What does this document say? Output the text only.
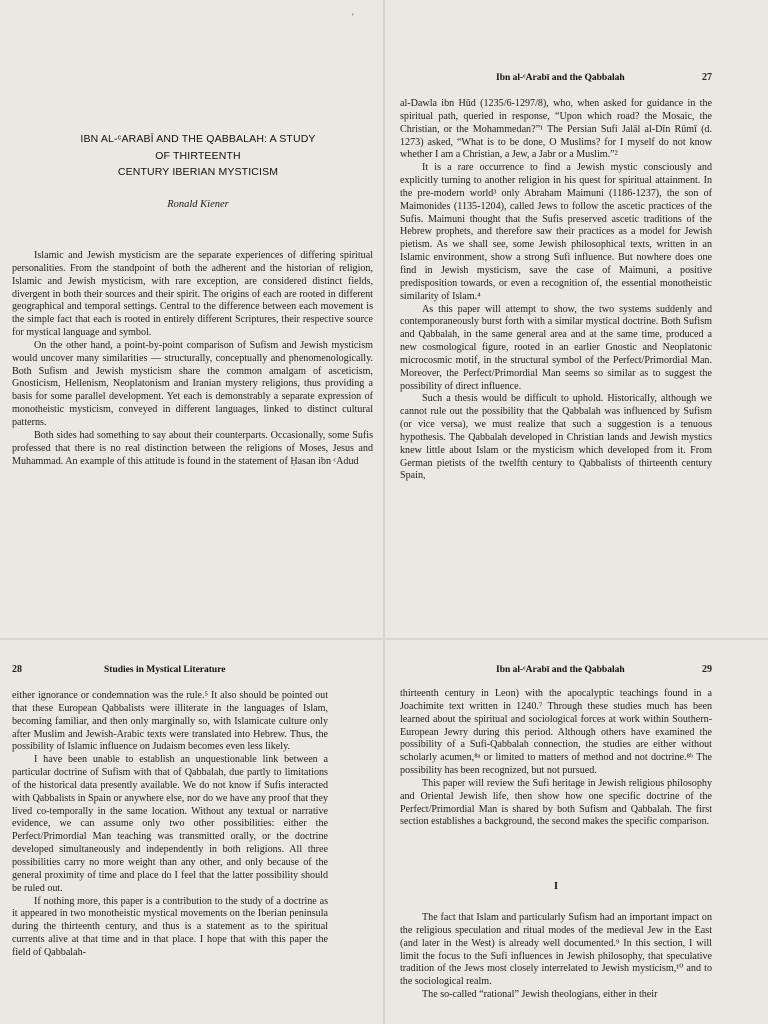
IBN AL-ᶜARABĪ AND THE QABBALAH: A STUDY
OF THIRTEENTH
CENTURY IBERIAN MYSTICISM
Ronald Kiener

Islamic and Jewish mysticism are the separate experiences of differing spiritual personalities. From the standpoint of both the adherent and the historian of religion, Islamic and Jewish mysticism, with rare exception, are considered distinct fields, divergent in both their sources and their spirit. The origins of each are rooted in different geographical and temporal settings. Central to the difference between each movement is the simple fact that each is rooted in entirely different Scriptures, their respective source for mystical language and symbol.

On the other hand, a point-by-point comparison of Sufism and Jewish mysticism would uncover many similarities — structurally, conceptually and phenomenologically. Both Sufism and Jewish mysticism share the common amalgam of asceticism, Gnosticism, Hellenism, Neoplatonism and Iranian mystery religions, thus providing a basis for some parallel development. Yet each is demonstrably a separate expression of monotheistic mysticism, conveyed in different languages, linked to distinct cultural patterns.

Both sides had something to say about their counterparts. Occasionally, some Sufis professed that there is no real distinction between the religions of Moses, Jesus and Muhammad. An example of this attitude is found in the statement of Ḥasan ibn ᶜAdud

'
Ibn al-ᶜArabī and the Qabbalah	27

al-Dawla ibn Hūd (1235/6-1297/8), who, when asked for guidance in the spiritual path, queried in response, “Upon which road? the Mosaic, the Christian, or the Mohammedan?”¹ The Persian Sufi Jalāl al-Dīn Rūmī (d. 1273) asked, “What is to be done, O Muslims? for I myself do not know whether I am a Christian, a Jew, a Jabr or a Muslim.”²

It is a rare occurrence to find a Jewish mystic consciously and explicitly turning to another religion in his quest for spiritual attainment. In the pre-modern world³ only Abraham Maimuni (1186-1237), the son of Maimonides (1135-1204), called Jews to follow the ascetic practices of the Sufis. Maimuni thought that the Sufis preserved ascetic traditions of the Hebrew prophets, and therefore saw their practices as a model for Jewish pietism. As we shall see, some Jewish philosophical texts, written in an Islamic environment, show a strong Sufi influence. But nowhere does one find in Jewish mysticism, save the case of Maimuni, a positive predisposition towards, or even a recognition of, the essential monotheistic similarity of Islam.⁴

As this paper will attempt to show, the two systems suddenly and contemporaneously burst forth with a similar mystical doctrine. Both Sufism and Qabbalah, in the same general area and at the same time, produced a new cosmological figure, rooted in an earlier Gnostic and Neoplatonic microcosmic motif, in the structural symbol of the Perfect/Primordial Man. Moreover, the Perfect/Primordial Man seems so similar as to suggest the possibility of direct influence.

Such a thesis would be difficult to uphold. Historically, although we cannot rule out the possibility that the Qabbalah was influenced by Sufism (or vice versa), we must realize that such a suggestion is a tenuous hypothesis. The Qabbalah developed in Christian lands and Jewish mystics knew little about Islam or the mysticism which developed from it. From German pietists of the twelfth century to Qabbalists of thirteenth century Spain,

28	Studies in Mystical Literature

either ignorance or condemnation was the rule.⁵ It also should be pointed out that these European Qabbalists were illiterate in the languages of Islam, becoming familiar, and then only marginally so, with Islamicate culture only after Muslim and Jewish-Arabic texts were translated into Hebrew. Thus, the possibility of Islamic influence on Judaism becomes even less likely.

I have been unable to establish an unquestionable link between a particular doctrine of Sufism with that of Qabbalah, due partly to limitations of the historical data presently available. We do not know if Sufis interacted with Qabbalists in Spain or anywhere else, nor do we have any proof that they lived co-temporally in the same location. Without any textual or narrative evidence, we can assume only two other possibilities: either the Perfect/Primordial Man teaching was transmitted orally, or the doctrine developed simultaneously and independently in both religions. All three possibilities carry no more weight than any other, and only because of the general proximity of time and place do I feel that the latter possibility should be ruled out.

If nothing more, this paper is a contribution to the study of a doctrine as it appeared in two monotheistic mystical movements on the Iberian peninsula during the thirteenth century, and thus is a statement as to the spiritual currents alive at that time and in that place. I hope that with this paper the field of Qabbalah-

Ibn al-ᶜArabī and the Qabbalah	29

thirteenth century in Leon) with the apocalyptic teachings found in a Joachimite text written in 1240.⁷ Through these studies much has been learned about the spiritual and sociological forces at work within Southern-European Jewry during this period. Although others have examined the possibility of a Sufi-Qabbalah connection, the studies are either without scholarly acumen,⁸ᵃ or limited to matters of method and not doctrine.⁸ᵇ The possibility has been recognized, but not pursued.

This paper will review the Sufi heritage in Jewish religious philosophy and Oriental Jewish life, then show how one specific doctrine of the Perfect/Primordial Man is shared by both Sufism and Qabbalah. The first section establishes a background, the second makes the specific comparison.

I

The fact that Islam and particularly Sufism had an important impact on the religious speculation and ritual modes of the medieval Jew in the East (and later in the West) is already well documented.⁹ In this section, I will limit the focus to the Sufi influences in Jewish philosophy, that speculative tradition of the Jews most closely interrelated to Jewish mysticism,¹⁰ and to the sociological realm.

The so-called “rational” Jewish theologians, either in their
